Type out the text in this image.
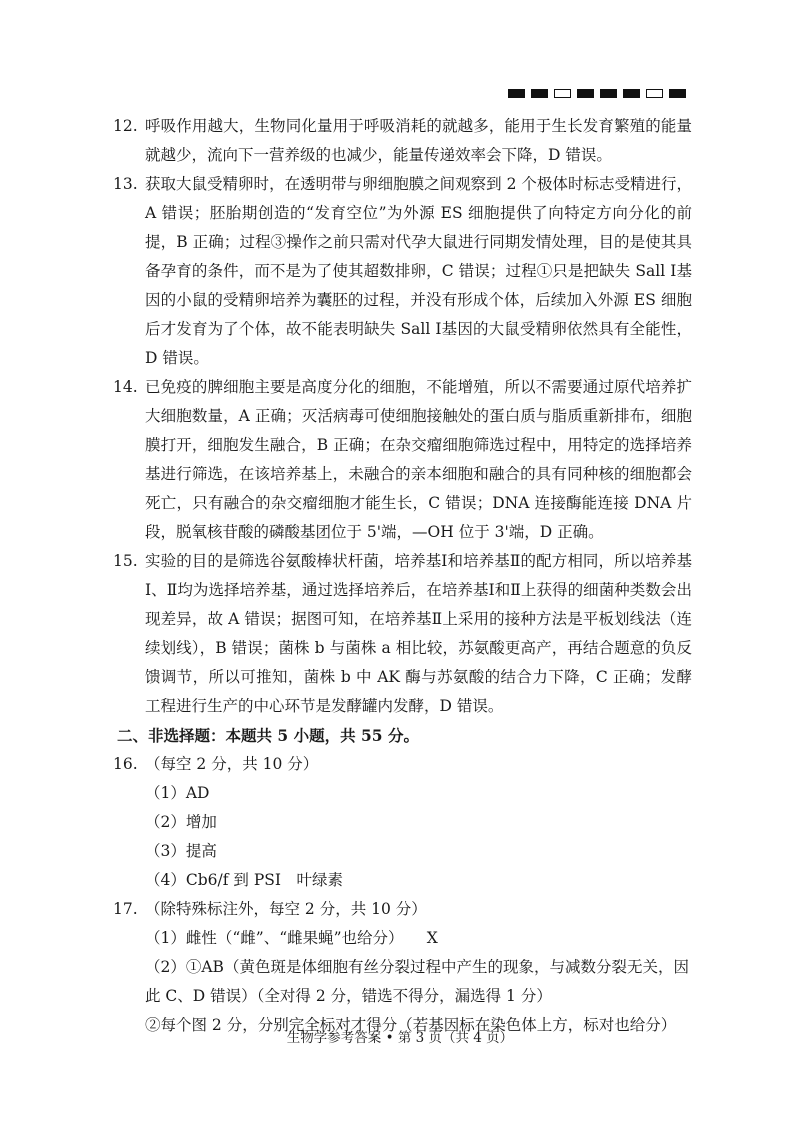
12. 呼吸作用越大，生物同化量用于呼吸消耗的就越多，能用于生长发育繁殖的能量就越少，流向下一营养级的也减少，能量传递效率会下降，D 错误。

13. 获取大鼠受精卵时，在透明带与卵细胞膜之间观察到 2 个极体时标志受精进行，A 错误；胚胎期创造的“发育空位”为外源 ES 细胞提供了向特定方向分化的前提，B 正确；过程③操作之前只需对代孕大鼠进行同期发情处理，目的是使其具备孕育的条件，而不是为了使其超数排卵，C 错误；过程①只是把缺失 Sall Ⅰ基因的小鼠的受精卵培养为囊胚的过程，并没有形成个体，后续加入外源 ES 细胞后才发育为了个体，故不能表明缺失 Sall Ⅰ基因的大鼠受精卵依然具有全能性，D 错误。

14. 已免疫的脾细胞主要是高度分化的细胞，不能增殖，所以不需要通过原代培养扩大细胞数量，A 正确；灭活病毒可使细胞接触处的蛋白质与脂质重新排布，细胞膜打开，细胞发生融合，B 正确；在杂交瘤细胞筛选过程中，用特定的选择培养基进行筛选，在该培养基上，未融合的亲本细胞和融合的具有同种核的细胞都会死亡，只有融合的杂交瘤细胞才能生长，C 错误；DNA 连接酶能连接 DNA 片段，脱氧核苷酸的磷酸基团位于 5'端，—OH 位于 3'端，D 正确。

15. 实验的目的是筛选谷氨酸棒状杆菌，培养基Ⅰ和培养基Ⅱ的配方相同，所以培养基Ⅰ、Ⅱ均为选择培养基，通过选择培养后，在培养基Ⅰ和Ⅱ上获得的细菌种类数会出现差异，故 A 错误；据图可知，在培养基Ⅱ上采用的接种方法是平板划线法（连续划线），B 错误；菌株 b 与菌株 a 相比较，苏氨酸更高产，再结合题意的负反馈调节，所以可推知，菌株 b 中 AK 酶与苏氨酸的结合力下降，C 正确；发酵工程进行生产的中心环节是发酵罐内发酵，D 错误。

二、非选择题：本题共 5 小题，共 55 分。

16. （每空 2 分，共 10 分）

（1）AD

（2）增加

（3）提高

（4）Cb6/f 到 PSⅠ　叶绿素

17. （除特殊标注外，每空 2 分，共 10 分）

（1）雌性（“雌”、“雌果蝇”也给分）　　X

（2）①AB（黄色斑是体细胞有丝分裂过程中产生的现象，与减数分裂无关，因此 C、D 错误）（全对得 2 分，错选不得分，漏选得 1 分）

②每个图 2 分，分别完全标对才得分（若基因标在染色体上方，标对也给分）

生物学参考答案 • 第 3 页（共 4 页）
